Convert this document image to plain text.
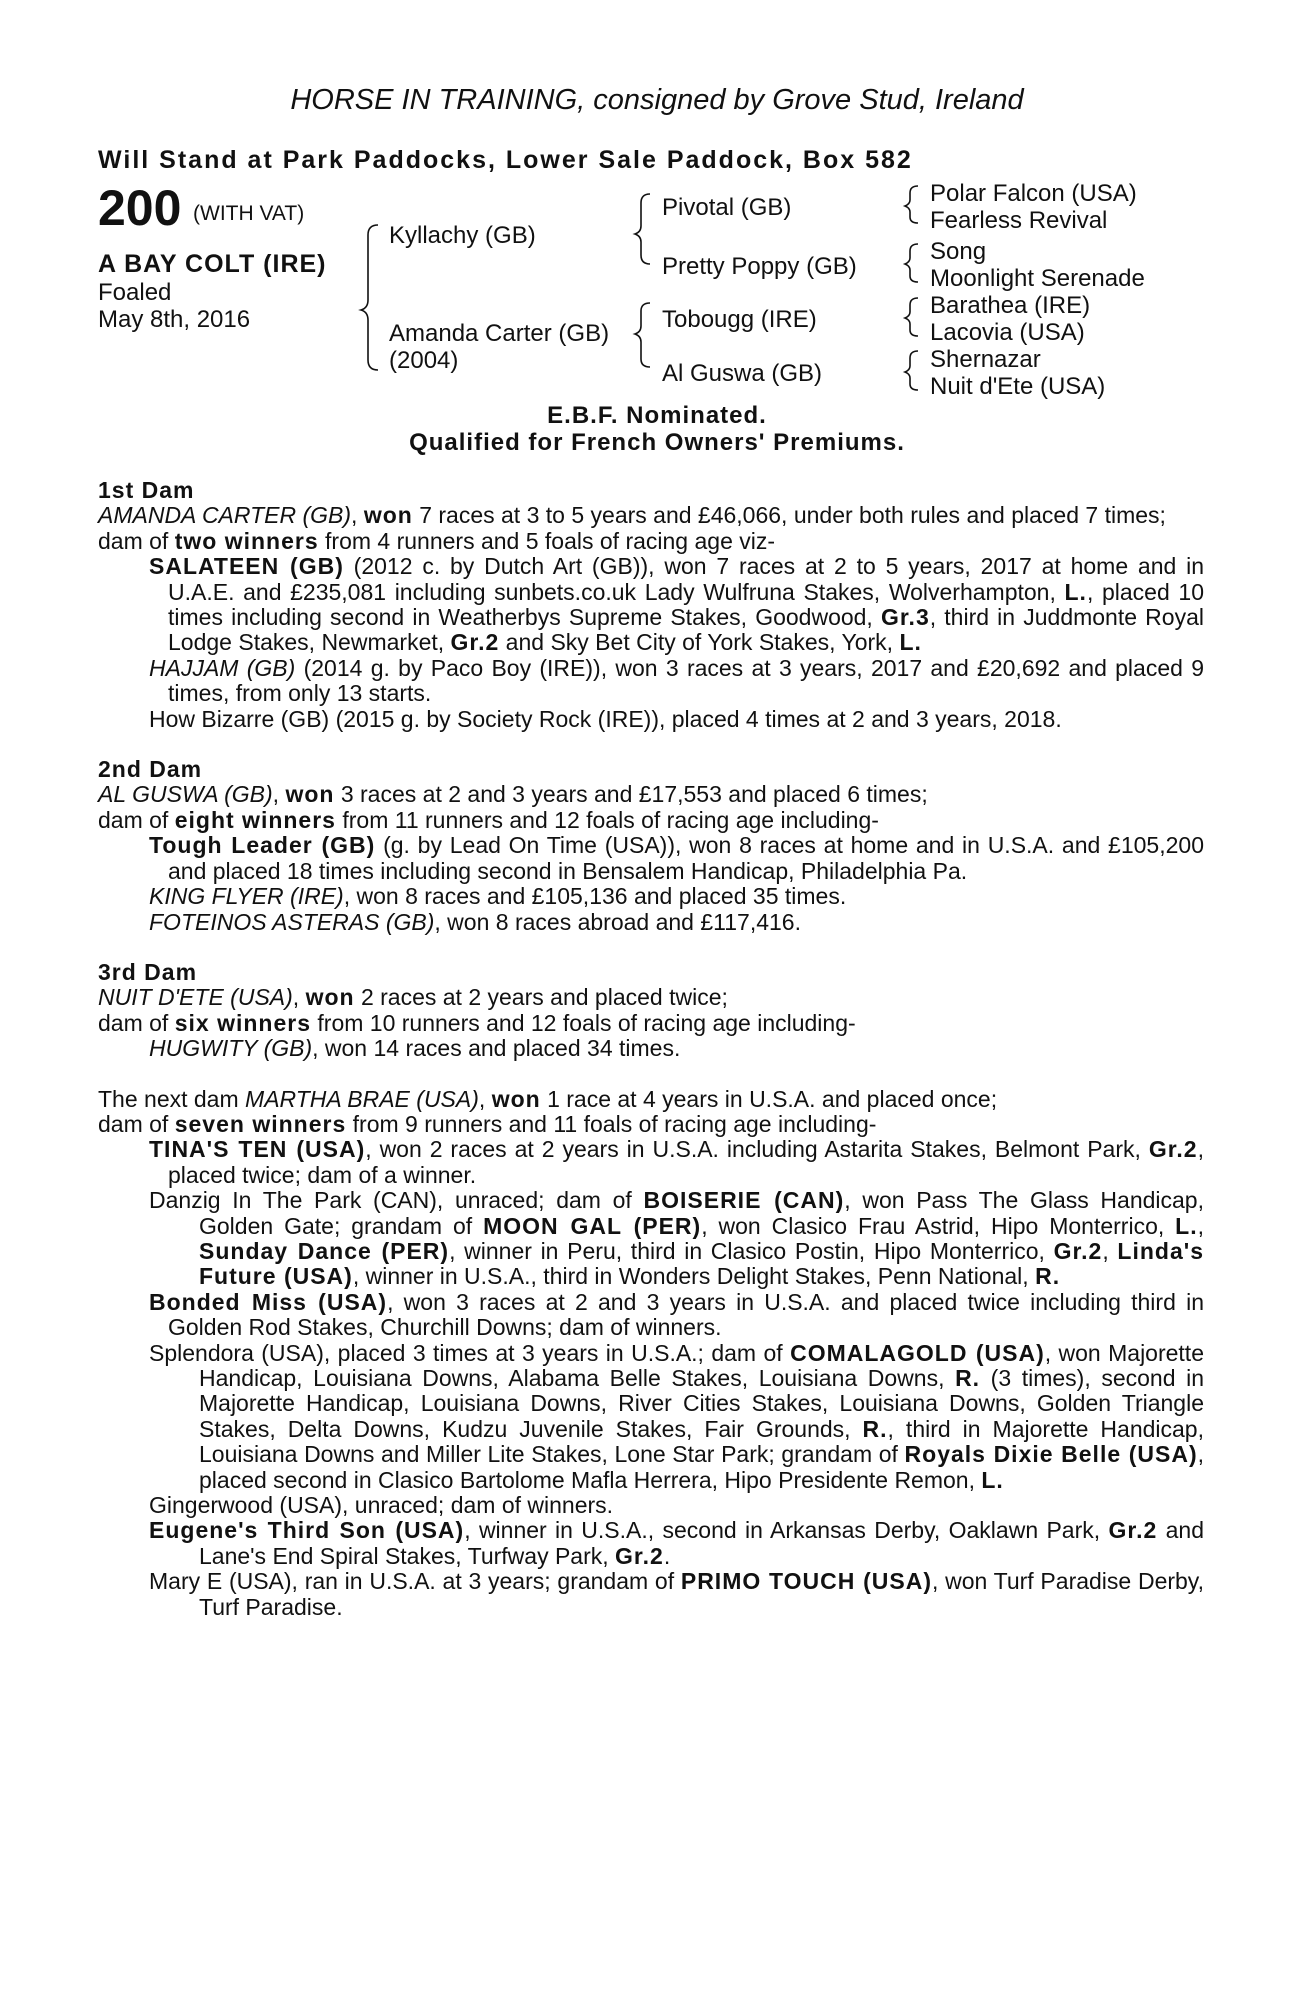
HORSE IN TRAINING, consigned by Grove Stud, Ireland
Will Stand at Park Paddocks, Lower Sale Paddock, Box 582
200 (WITH VAT)
A BAY COLT (IRE)
Foaled
May 8th, 2016
Kyllachy (GB)
Amanda Carter (GB)
(2004)
Pivotal (GB)
Pretty Poppy (GB)
Tobougg (IRE)
Al Guswa (GB)
Polar Falcon (USA)
Fearless Revival
Song
Moonlight Serenade
Barathea (IRE)
Lacovia (USA)
Shernazar
Nuit d'Ete (USA)
E.B.F. Nominated.
Qualified for French Owners' Premiums.

1st Dam

AMANDA CARTER (GB), won 7 races at 3 to 5 years and £46,066, under both rules and placed 7 times;

dam of two winners from 4 runners and 5 foals of racing age viz-

SALATEEN (GB) (2012 c. by Dutch Art (GB)), won 7 races at 2 to 5 years, 2017 at home and in U.A.E. and £235,081 including sunbets.co.uk Lady Wulfruna Stakes, Wolverhampton, L., placed 10 times including second in Weatherbys Supreme Stakes, Goodwood, Gr.3, third in Juddmonte Royal Lodge Stakes, Newmarket, Gr.2 and Sky Bet City of York Stakes, York, L.

HAJJAM (GB) (2014 g. by Paco Boy (IRE)), won 3 races at 3 years, 2017 and £20,692 and placed 9 times, from only 13 starts.

How Bizarre (GB) (2015 g. by Society Rock (IRE)), placed 4 times at 2 and 3 years, 2018.

2nd Dam

AL GUSWA (GB), won 3 races at 2 and 3 years and £17,553 and placed 6 times;

dam of eight winners from 11 runners and 12 foals of racing age including-

Tough Leader (GB) (g. by Lead On Time (USA)), won 8 races at home and in U.S.A. and £105,200 and placed 18 times including second in Bensalem Handicap, Philadelphia Pa.

KING FLYER (IRE), won 8 races and £105,136 and placed 35 times.

FOTEINOS ASTERAS (GB), won 8 races abroad and £117,416.

3rd Dam

NUIT D'ETE (USA), won 2 races at 2 years and placed twice;

dam of six winners from 10 runners and 12 foals of racing age including-

HUGWITY (GB), won 14 races and placed 34 times.

The next dam MARTHA BRAE (USA), won 1 race at 4 years in U.S.A. and placed once;

dam of seven winners from 9 runners and 11 foals of racing age including-

TINA'S TEN (USA), won 2 races at 2 years in U.S.A. including Astarita Stakes, Belmont Park, Gr.2, placed twice; dam of a winner.

Danzig In The Park (CAN), unraced; dam of BOISERIE (CAN), won Pass The Glass Handicap, Golden Gate; grandam of MOON GAL (PER), won Clasico Frau Astrid, Hipo Monterrico, L., Sunday Dance (PER), winner in Peru, third in Clasico Postin, Hipo Monterrico, Gr.2, Linda's Future (USA), winner in U.S.A., third in Wonders Delight Stakes, Penn National, R.

Bonded Miss (USA), won 3 races at 2 and 3 years in U.S.A. and placed twice including third in Golden Rod Stakes, Churchill Downs; dam of winners.

Splendora (USA), placed 3 times at 3 years in U.S.A.; dam of COMALAGOLD (USA), won Majorette Handicap, Louisiana Downs, Alabama Belle Stakes, Louisiana Downs, R. (3 times), second in Majorette Handicap, Louisiana Downs, River Cities Stakes, Louisiana Downs, Golden Triangle Stakes, Delta Downs, Kudzu Juvenile Stakes, Fair Grounds, R., third in Majorette Handicap, Louisiana Downs and Miller Lite Stakes, Lone Star Park; grandam of Royals Dixie Belle (USA), placed second in Clasico Bartolome Mafla Herrera, Hipo Presidente Remon, L.

Gingerwood (USA), unraced; dam of winners.

Eugene's Third Son (USA), winner in U.S.A., second in Arkansas Derby, Oaklawn Park, Gr.2 and Lane's End Spiral Stakes, Turfway Park, Gr.2.

Mary E (USA), ran in U.S.A. at 3 years; grandam of PRIMO TOUCH (USA), won Turf Paradise Derby, Turf Paradise.
